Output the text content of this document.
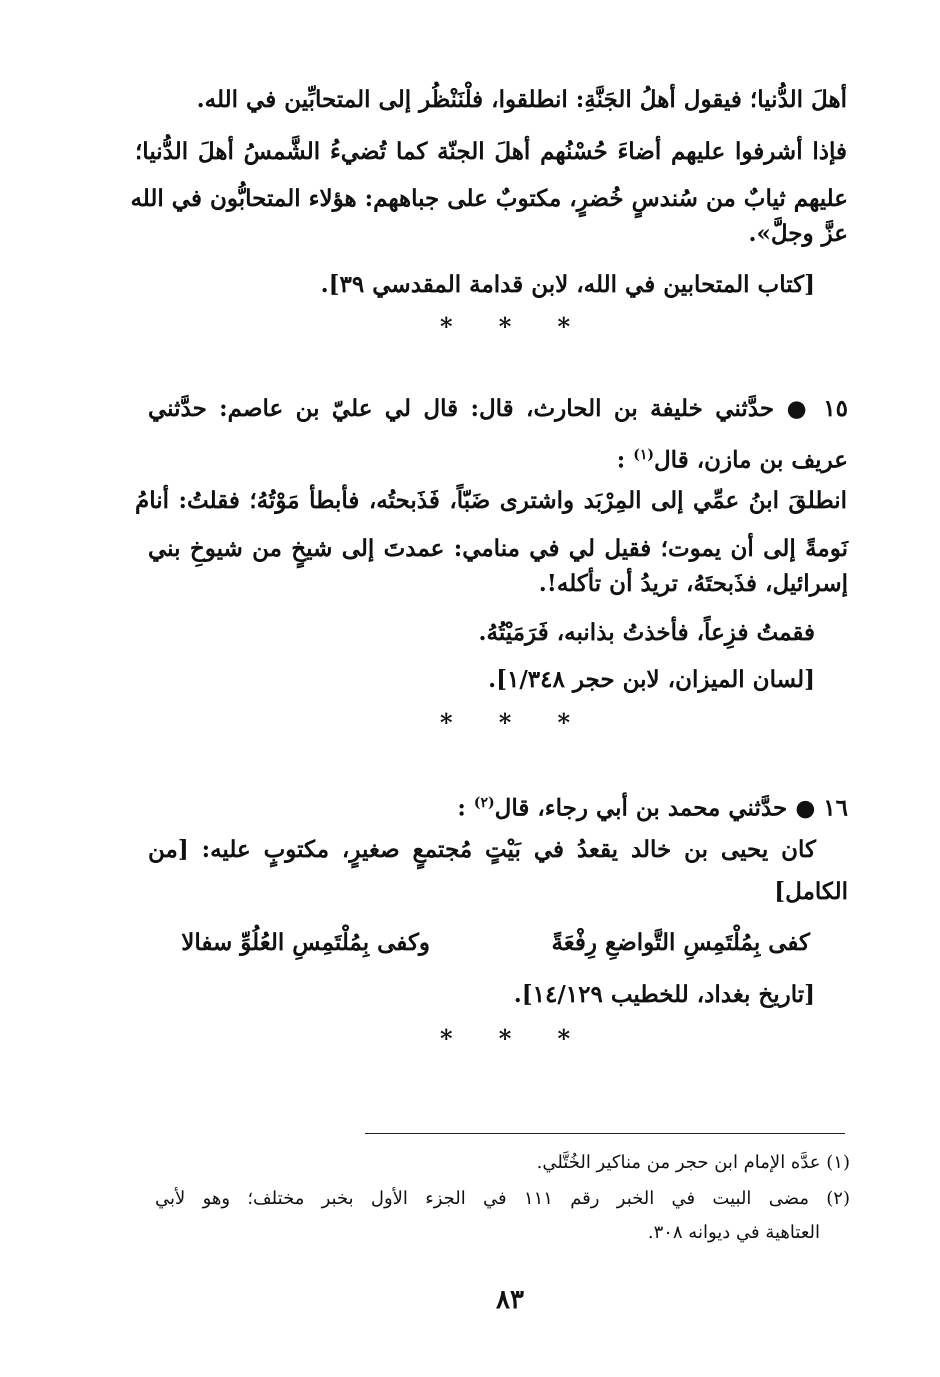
أهلَ الدُّنيا؛ فيقول أهلُ الجَنَّةِ: انطلقوا، فلْنَنْظُر إلى المتحابِّين في الله.
فإذا أشرفوا عليهم أضاءَ حُسْنُهم أهلَ الجنّة كما تُضيءُ الشَّمسُ أهلَ الدُّنيا؛
عليهم ثيابٌ من سُندسٍ خُضرٍ، مكتوبٌ على جباههم: هؤلاء المتحابُّون في الله
عزَّ وجلَّ».
[كتاب المتحابين في الله، لابن قدامة المقدسي ٣٩].
* * *
١٥ ● حدَّثني خليفة بن الحارث، قال: قال لي عليّ بن عاصم: حدَّثني
عريف بن مازن، قال$^{(١)}$ :
انطلقَ ابنُ عمِّي إلى المِرْبَد واشترى ضَبّاً، فَذَبحتُه، فأبطأ مَوْتُهُ؛ فقلتُ: أنامُ
نَومةً إلى أن يموت؛ فقيل لي في منامي: عمدتَ إلى شيخٍ من شيوخِ بني
إسرائيل، فذَبحتَهُ، تريدُ أن تأكله!.
فقمتُ فزِعاً، فأخذتُ بذانبه، فَرَمَيْتُهُ.
[لسان الميزان، لابن حجر ١/٣٤٨].
* * *
١٦ ● حدَّثني محمد بن أبي رجاء، قال$^{(٢)}$ :
كان يحيى بن خالد يقعدُ في بَيْتٍ مُجتمعٍ صغيرٍ، مكتوبٍ عليه: [من
الكامل]
كفى بِمُلْتَمِسِ التَّواضعِ رِفْعَةً
وكفى بِمُلْتَمِسِ العُلُوِّ سفالا
[تاريخ بغداد، للخطيب ١٤/١٢٩].
* * *
(١) عدَّه الإمام ابن حجر من مناكير الخُتَّلي.
(٢) مضى البيت في الخبر رقم ١١١ في الجزء الأول بخبر مختلف؛ وهو لأبي
العتاهية في ديوانه ٣٠٨.
٨٣
